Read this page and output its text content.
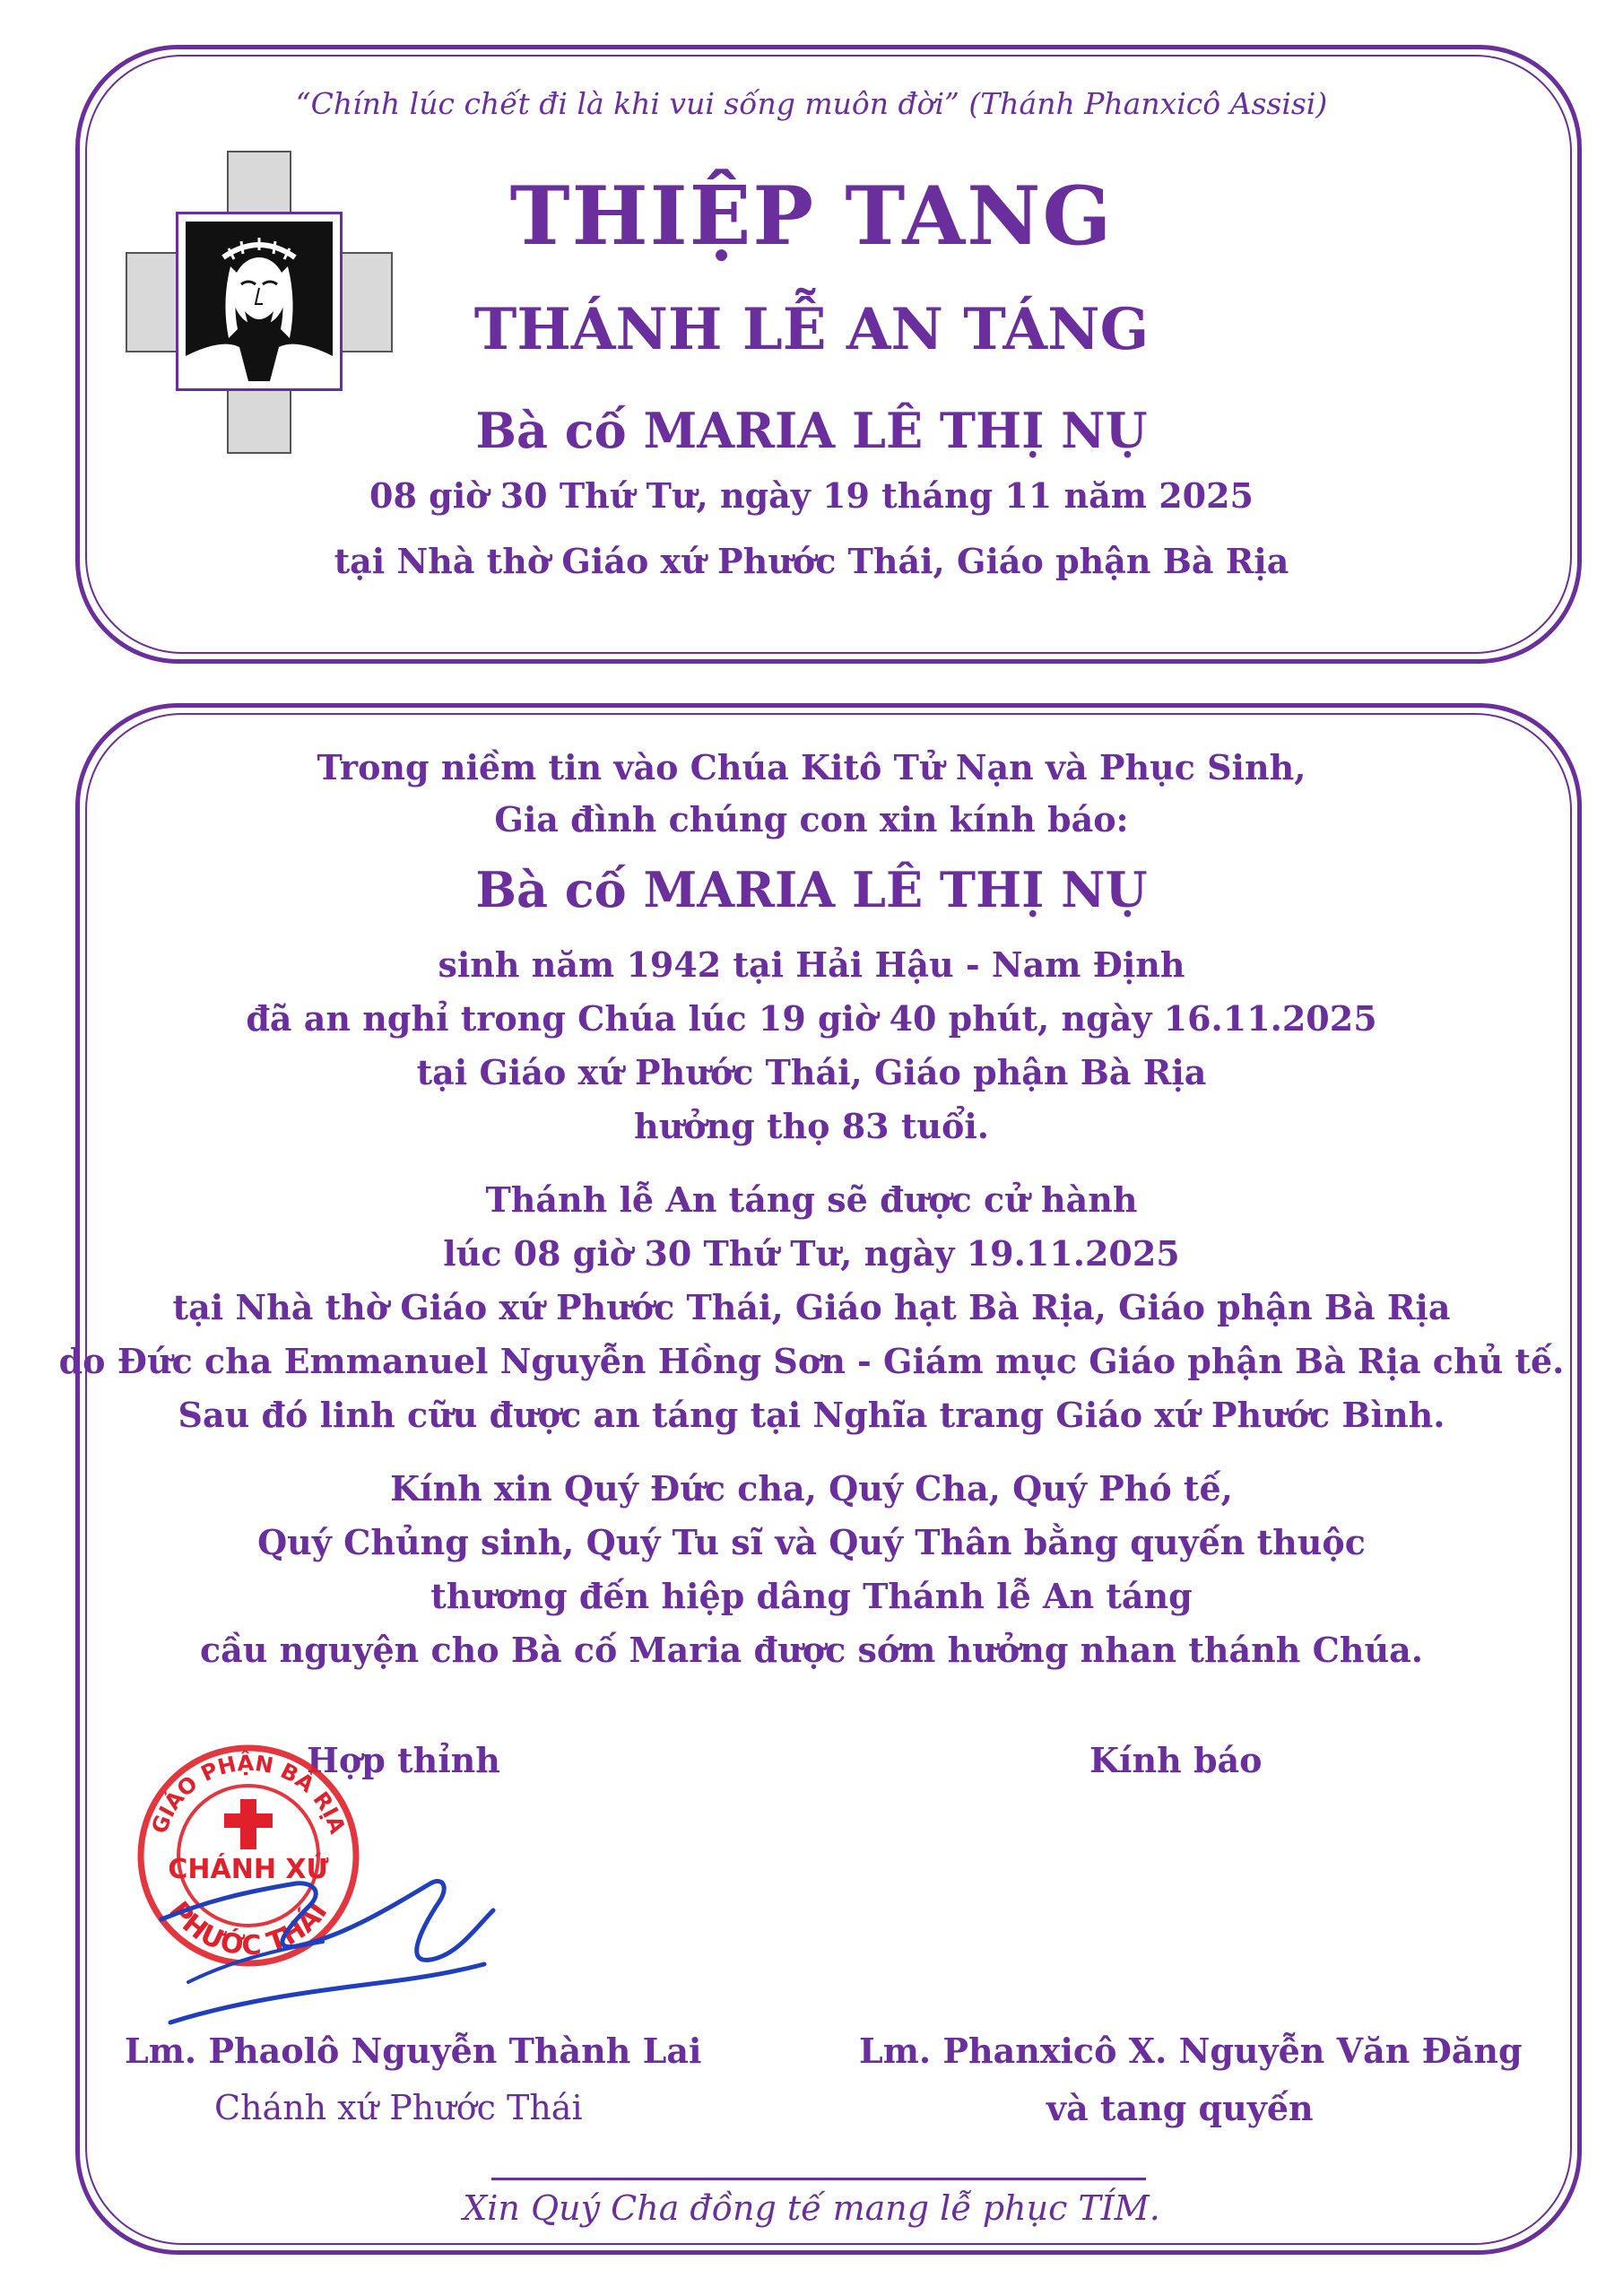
“Chính lúc chết đi là khi vui sống muôn đời” (Thánh Phanxicô Assisi)
THIỆP TANG
THÁNH LỄ AN TÁNG
Bà cố MARIA LÊ THỊ NỤ
08 giờ 30 Thứ Tư, ngày 19 tháng 11 năm 2025
tại Nhà thờ Giáo xứ Phước Thái, Giáo phận Bà Rịa
Trong niềm tin vào Chúa Kitô Tử Nạn và Phục Sinh,
Gia đình chúng con xin kính báo:
Bà cố MARIA LÊ THỊ NỤ
sinh năm 1942 tại Hải Hậu - Nam Định
đã an nghỉ trong Chúa lúc 19 giờ 40 phút, ngày 16.11.2025
tại Giáo xứ Phước Thái, Giáo phận Bà Rịa
hưởng thọ 83 tuổi.
Thánh lễ An táng sẽ được cử hành
lúc 08 giờ 30 Thứ Tư, ngày 19.11.2025
tại Nhà thờ Giáo xứ Phước Thái, Giáo hạt Bà Rịa, Giáo phận Bà Rịa
do Đức cha Emmanuel Nguyễn Hồng Sơn - Giám mục Giáo phận Bà Rịa chủ tế.
Sau đó linh cữu được an táng tại Nghĩa trang Giáo xứ Phước Bình.
Kính xin Quý Đức cha, Quý Cha, Quý Phó tế,
Quý Chủng sinh, Quý Tu sĩ và Quý Thân bằng quyến thuộc
thương đến hiệp dâng Thánh lễ An táng
cầu nguyện cho Bà cố Maria được sớm hưởng nhan thánh Chúa.
Hợp thỉnh	Kính báo
GIÁO PHẬN BÀ RỊA
CHÁNH XỨ
PHƯỚC THÁI
Lm. Phaolô Nguyễn Thành Lai
Chánh xứ Phước Thái
Lm. Phanxicô X. Nguyễn Văn Đăng
và tang quyến
Xin Quý Cha đồng tế mang lễ phục TÍM.
